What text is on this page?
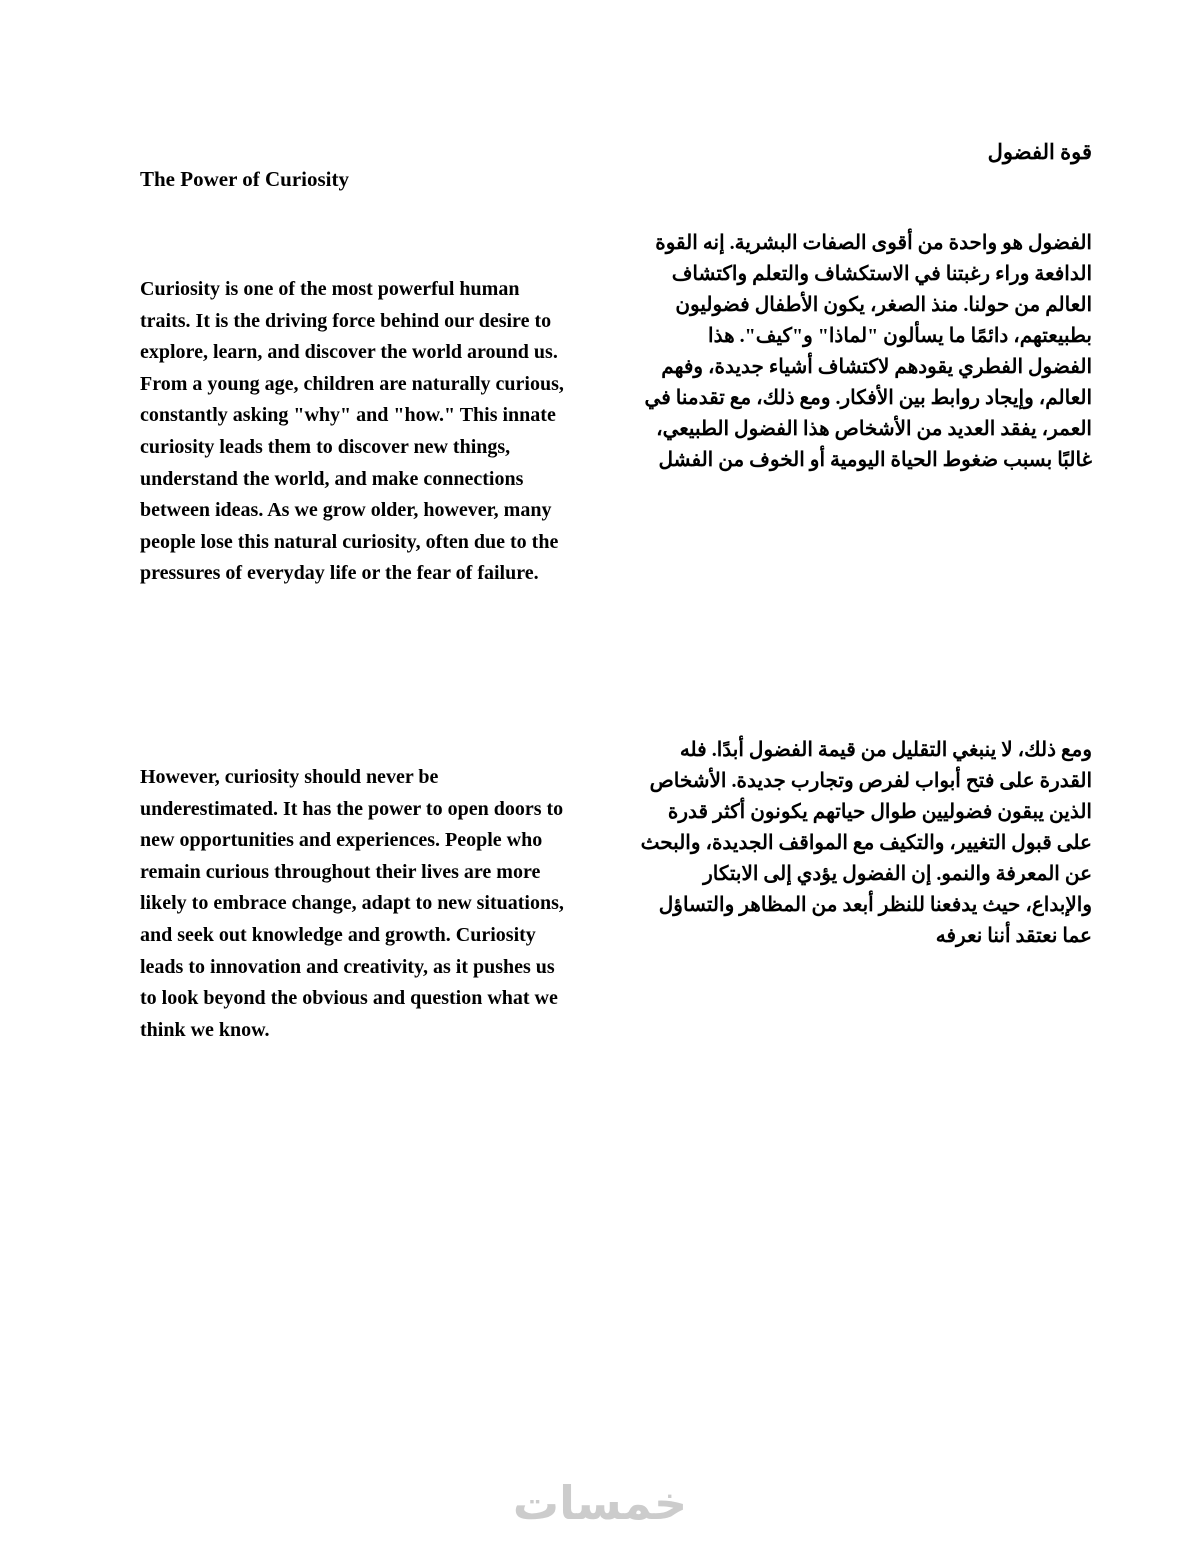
قوة الفضول
The Power of Curiosity
الفضول هو واحدة من أقوى الصفات البشرية. إنه القوة الدافعة وراء رغبتنا في الاستكشاف والتعلم واكتشاف العالم من حولنا. منذ الصغر، يكون الأطفال فضوليون بطبيعتهم، دائمًا ما يسألون "لماذا" و"كيف". هذا الفضول الفطري يقودهم لاكتشاف أشياء جديدة، وفهم العالم، وإيجاد روابط بين الأفكار. ومع ذلك، مع تقدمنا في العمر، يفقد العديد من الأشخاص هذا الفضول الطبيعي، غالبًا بسبب ضغوط الحياة اليومية أو الخوف من الفشل
Curiosity is one of the most powerful human traits. It is the driving force behind our desire to explore, learn, and discover the world around us. From a young age, children are naturally curious, constantly asking "why" and "how." This innate curiosity leads them to discover new things, understand the world, and make connections between ideas. As we grow older, however, many people lose this natural curiosity, often due to the pressures of everyday life or the fear of failure.
ومع ذلك، لا ينبغي التقليل من قيمة الفضول أبدًا. فله القدرة على فتح أبواب لفرص وتجارب جديدة. الأشخاص الذين يبقون فضوليين طوال حياتهم يكونون أكثر قدرة على قبول التغيير، والتكيف مع المواقف الجديدة، والبحث عن المعرفة والنمو. إن الفضول يؤدي إلى الابتكار والإبداع، حيث يدفعنا للنظر أبعد من المظاهر والتساؤل عما نعتقد أننا نعرفه
However, curiosity should never be underestimated. It has the power to open doors to new opportunities and experiences. People who remain curious throughout their lives are more likely to embrace change, adapt to new situations, and seek out knowledge and growth. Curiosity leads to innovation and creativity, as it pushes us to look beyond the obvious and question what we think we know.
خمسات
